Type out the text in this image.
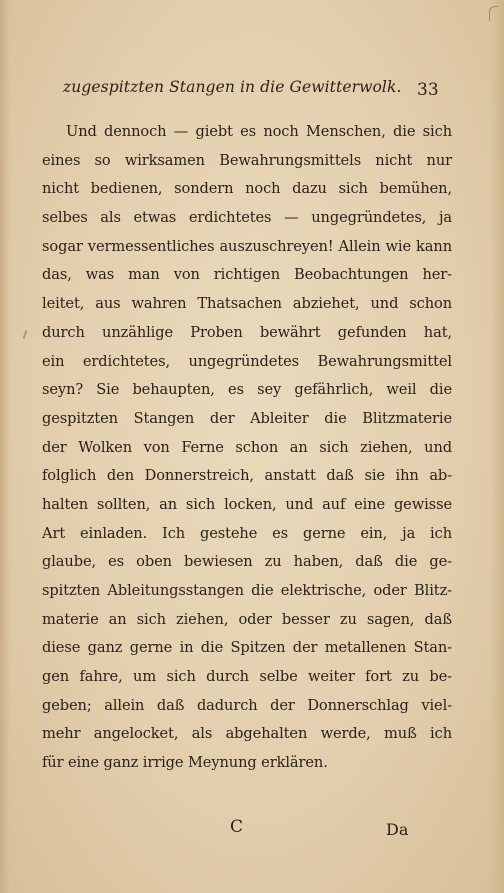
zugespitzten Stangen in die Gewitterwolk. 33
Und dennoch — giebt es noch Menschen, die sich
eines so wirksamen Bewahrungsmittels nicht nur
nicht bedienen, sondern noch dazu sich bemühen,
selbes als etwas erdichtetes — ungegründetes, ja
sogar vermessentliches auszuschreyen! Allein wie kann
das, was man von richtigen Beobachtungen her-
leitet, aus wahren Thatsachen abziehet, und schon
durch unzählige Proben bewährt gefunden hat,
ein erdichtetes, ungegründetes Bewahrungsmittel
seyn? Sie behaupten, es sey gefährlich, weil die
gespitzten Stangen der Ableiter die Blitzmaterie
der Wolken von Ferne schon an sich ziehen, und
folglich den Donnerstreich, anstatt daß sie ihn ab-
halten sollten, an sich locken, und auf eine gewisse
Art einladen. Ich gestehe es gerne ein, ja ich
glaube, es oben bewiesen zu haben, daß die ge-
spitzten Ableitungsstangen die elektrische, oder Blitz-
materie an sich ziehen, oder besser zu sagen, daß
diese ganz gerne in die Spitzen der metallenen Stan-
gen fahre, um sich durch selbe weiter fort zu be-
geben; allein daß dadurch der Donnerschlag viel-
mehr angelocket, als abgehalten werde, muß ich
für eine ganz irrige Meynung erklären.
C	Da
